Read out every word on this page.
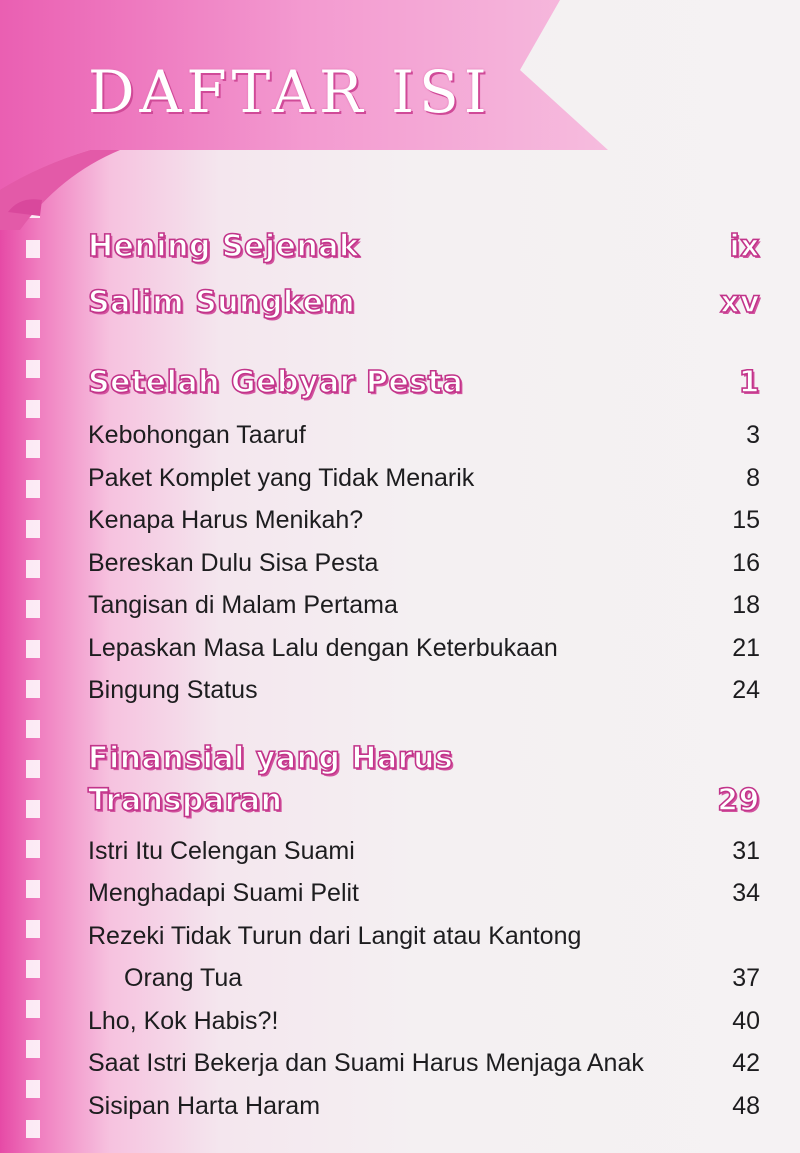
DAFTAR ISI
Hening Sejenak	ix
Salim Sungkem	xv
Setelah Gebyar Pesta	1
Kebohongan Taaruf	3
Paket Komplet yang Tidak Menarik	8
Kenapa Harus Menikah?	15
Bereskan Dulu Sisa Pesta	16
Tangisan di Malam Pertama	18
Lepaskan Masa Lalu dengan Keterbukaan	21
Bingung Status	24
Finansial yang Harus
Transparan	29
Istri Itu Celengan Suami	31
Menghadapi Suami Pelit	34
Rezeki Tidak Turun dari Langit atau Kantong
Orang Tua	37
Lho, Kok Habis?!	40
Saat Istri Bekerja dan Suami Harus Menjaga Anak	42
Sisipan Harta Haram	48
